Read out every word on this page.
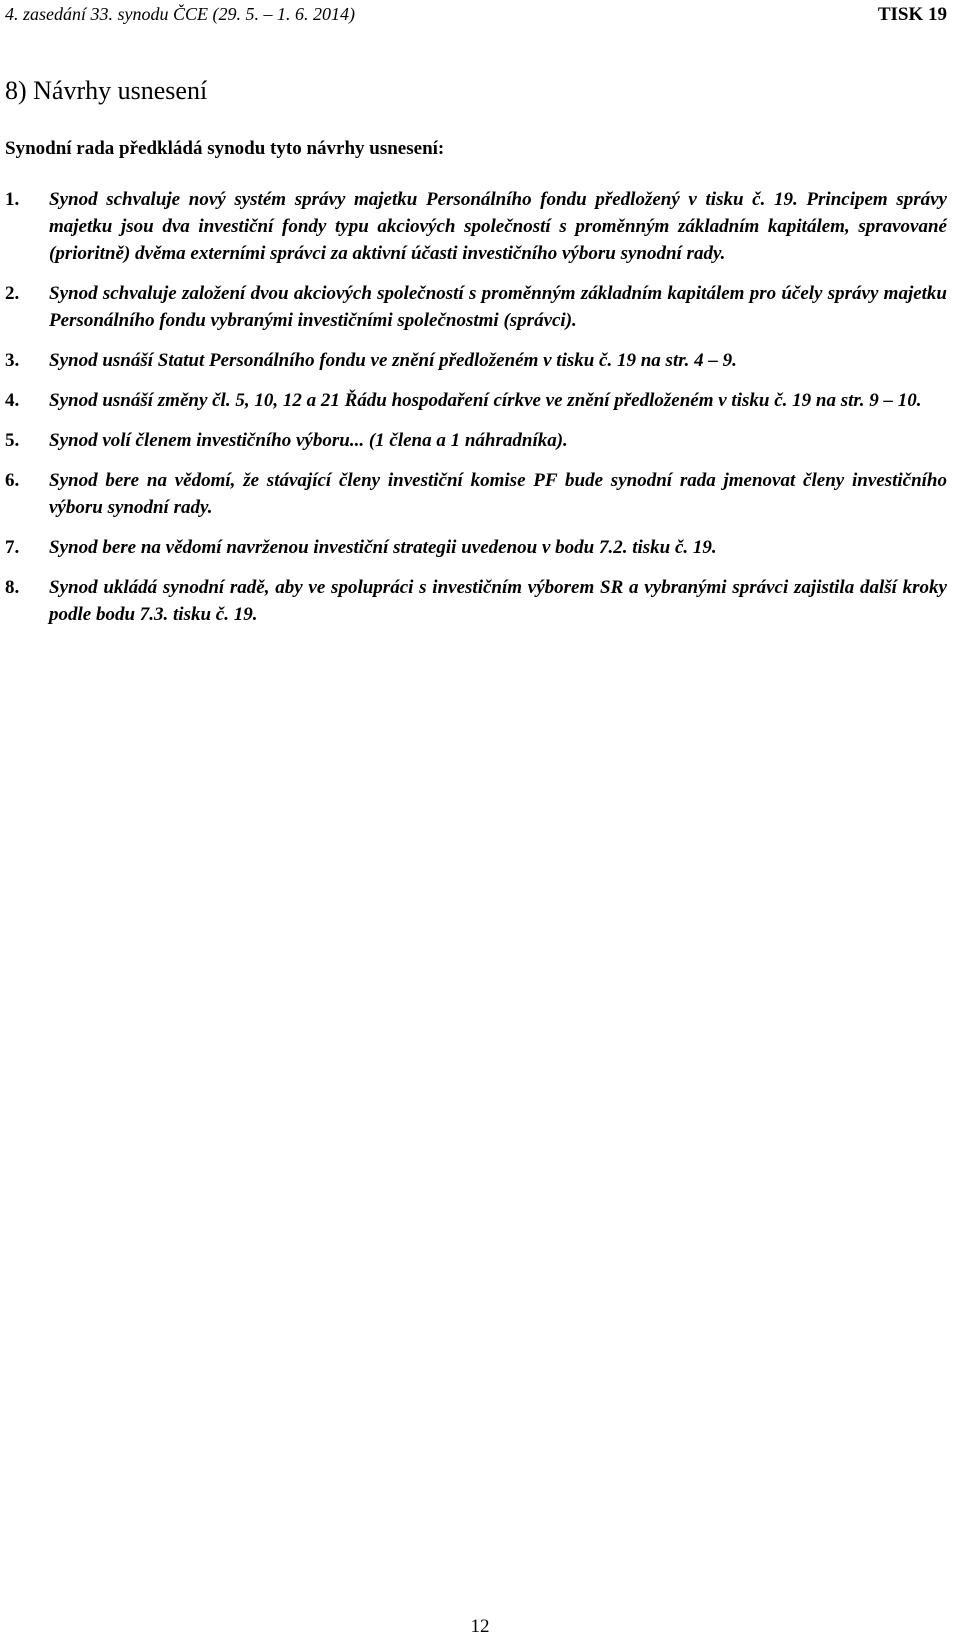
4. zasedání 33. synodu ČCE (29. 5. – 1. 6. 2014)	TISK 19
8) Návrhy usnesení

Synodní rada předkládá synodu tyto návrhy usnesení:

1.	Synod schvaluje nový systém správy majetku Personálního fondu předložený v tisku č. 19. Principem správy majetku jsou dva investiční fondy typu akciových společností s proměnným základním kapitálem, spravované (prioritně) dvěma externími správci za aktivní účasti investičního výboru synodní rady.
2.	Synod schvaluje založení dvou akciových společností s proměnným základním kapitálem pro účely správy majetku Personálního fondu vybranými investičními společnostmi (správci).
3.	Synod usnáší Statut Personálního fondu ve znění předloženém v tisku č. 19 na str. 4 – 9.
4.	Synod usnáší změny čl. 5, 10, 12 a 21 Řádu hospodaření církve ve znění předloženém v tisku č. 19 na str. 9 – 10.
5.	Synod volí členem investičního výboru... (1 člena a 1 náhradníka).
6.	Synod bere na vědomí, že stávající členy investiční komise PF bude synodní rada jmenovat členy investičního výboru synodní rady.
7.	Synod bere na vědomí navrženou investiční strategii uvedenou v bodu 7.2. tisku č. 19.
8.	Synod ukládá synodní radě, aby ve spolupráci s investičním výborem SR a vybranými správci zajistila další kroky podle bodu 7.3. tisku č. 19.
12
